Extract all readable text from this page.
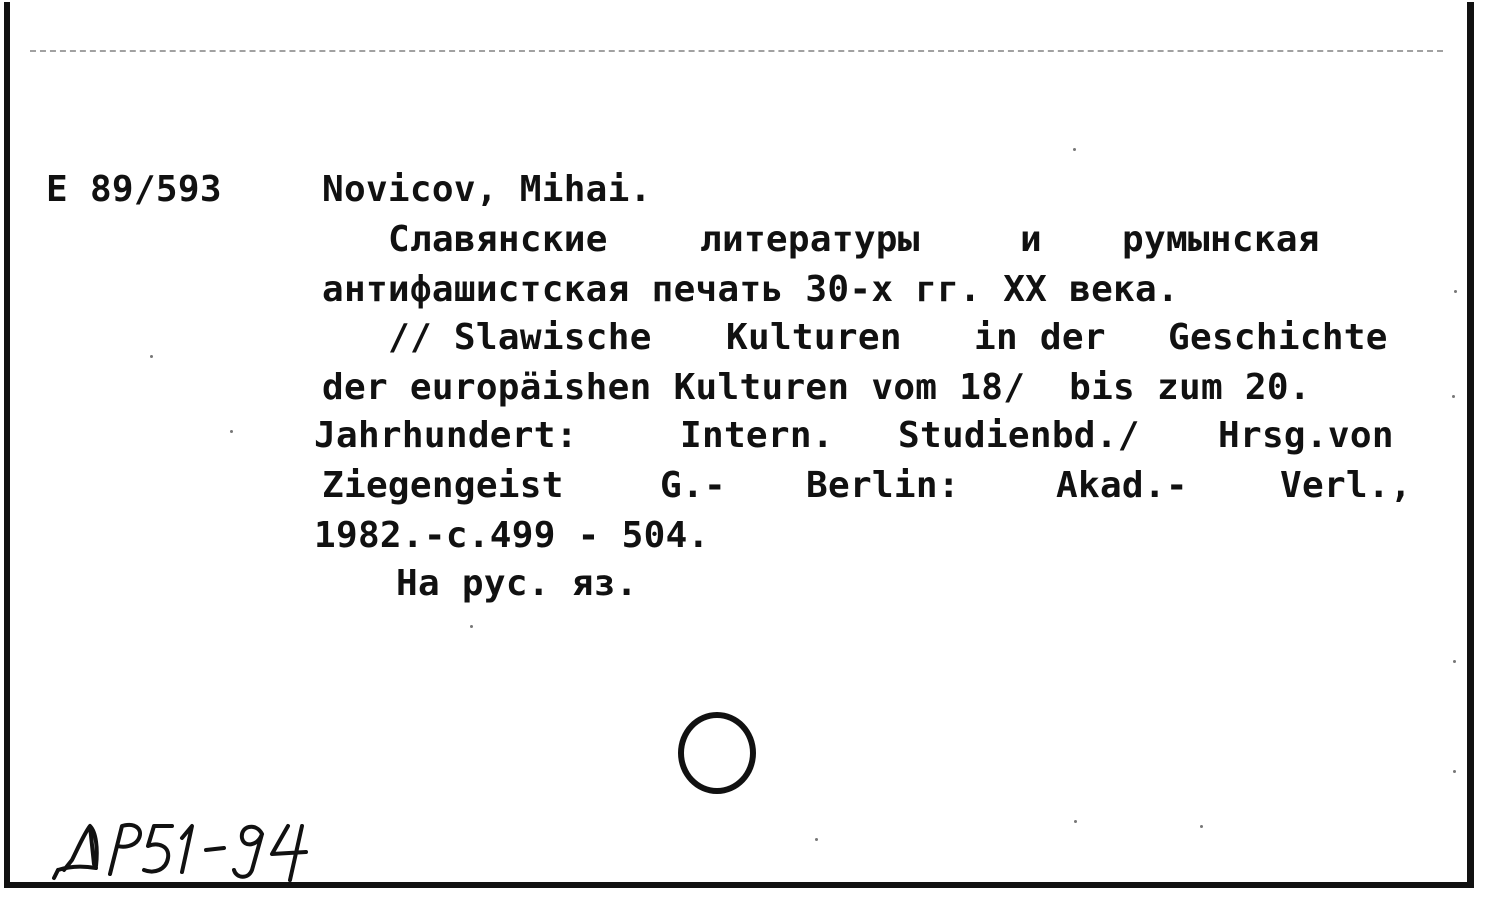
E 89/593	Novicov, Mihai.
Славянские	литературы	и румынская
антифашистская печать 30-х гг. XX века.
// Slawische Kulturen in der Geschichte
der europäishen Kulturen vom 18/  bis zum 20.
Jahrhundert:	Intern. Studienbd./ Hrsg.von
Ziegengeist	G.- Berlin:	Akad.-	Verl.,
1982.-c.499 - 504.
На рус. яз.
